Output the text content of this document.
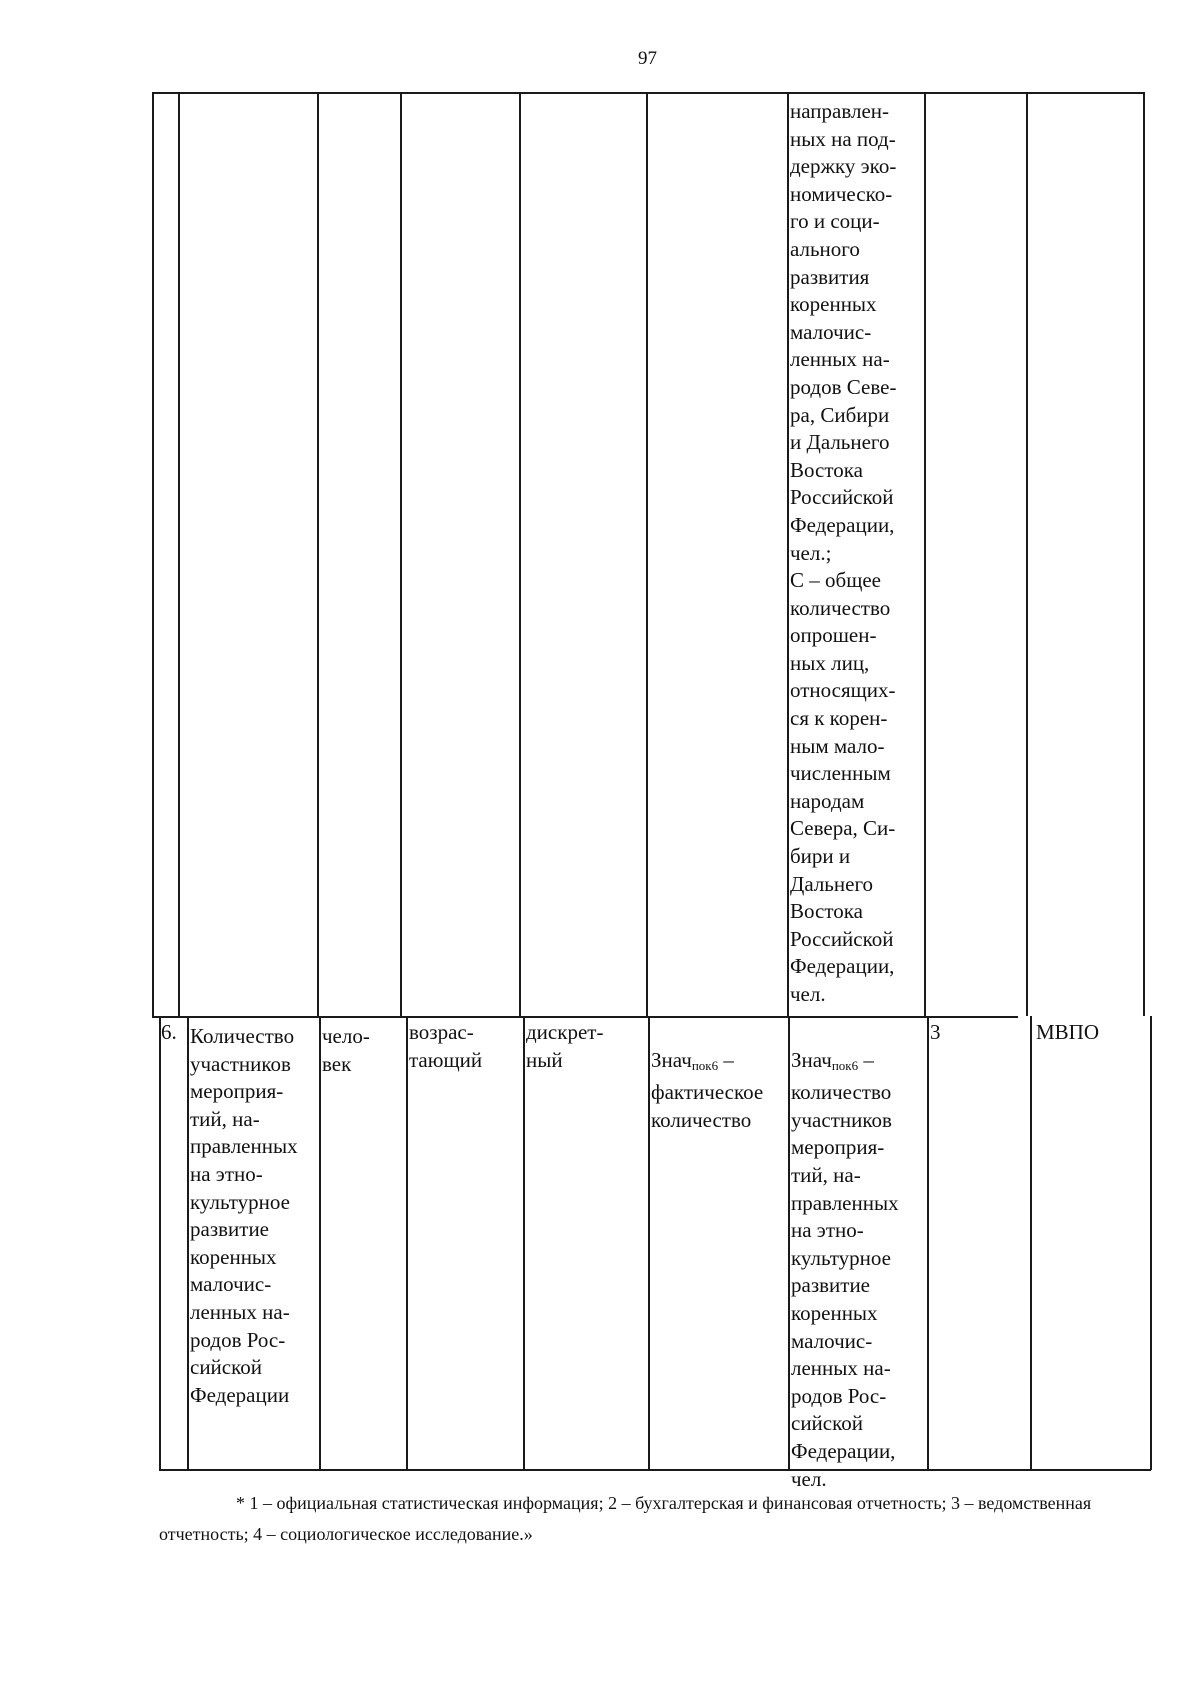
97

направлен-
ных на под-
держку эко-
номическо-
го и соци-
ального
развития
коренных
малочис-
ленных на-
родов Севе-
ра, Сибири
и Дальнего
Востока
Российской
Федерации,
чел.;
C – общее
количество
опрошен-
ных лиц,
относящих-
ся к корен-
ным мало-
численным
народам
Севера, Си-
бири и
Дальнего
Востока
Российской
Федерации,
чел.

6. Количество
участников
мероприя-
тий, на-
правленных
на этно-
культурное
развитие
коренных
малочис-
ленных на-
родов Рос-
сийской
Федерации

чело-
век

возрас-
тающий

дискрет-
ный	Знач$_{пок6}$ –

фактическое
количество

Знач$_{пок6}$ –

количество
участников
мероприя-
тий, на-
правленных
на этно-
культурное
развитие
коренных
малочис-
ленных на-
родов Рос-
сийской
Федерации,
чел.

3	МВПО

* 1 – официальная статистическая информация; 2 – бухгалтерская и финансовая отчетность; 3 – ведомственная отчетность; 4 – социологическое исследование.»
